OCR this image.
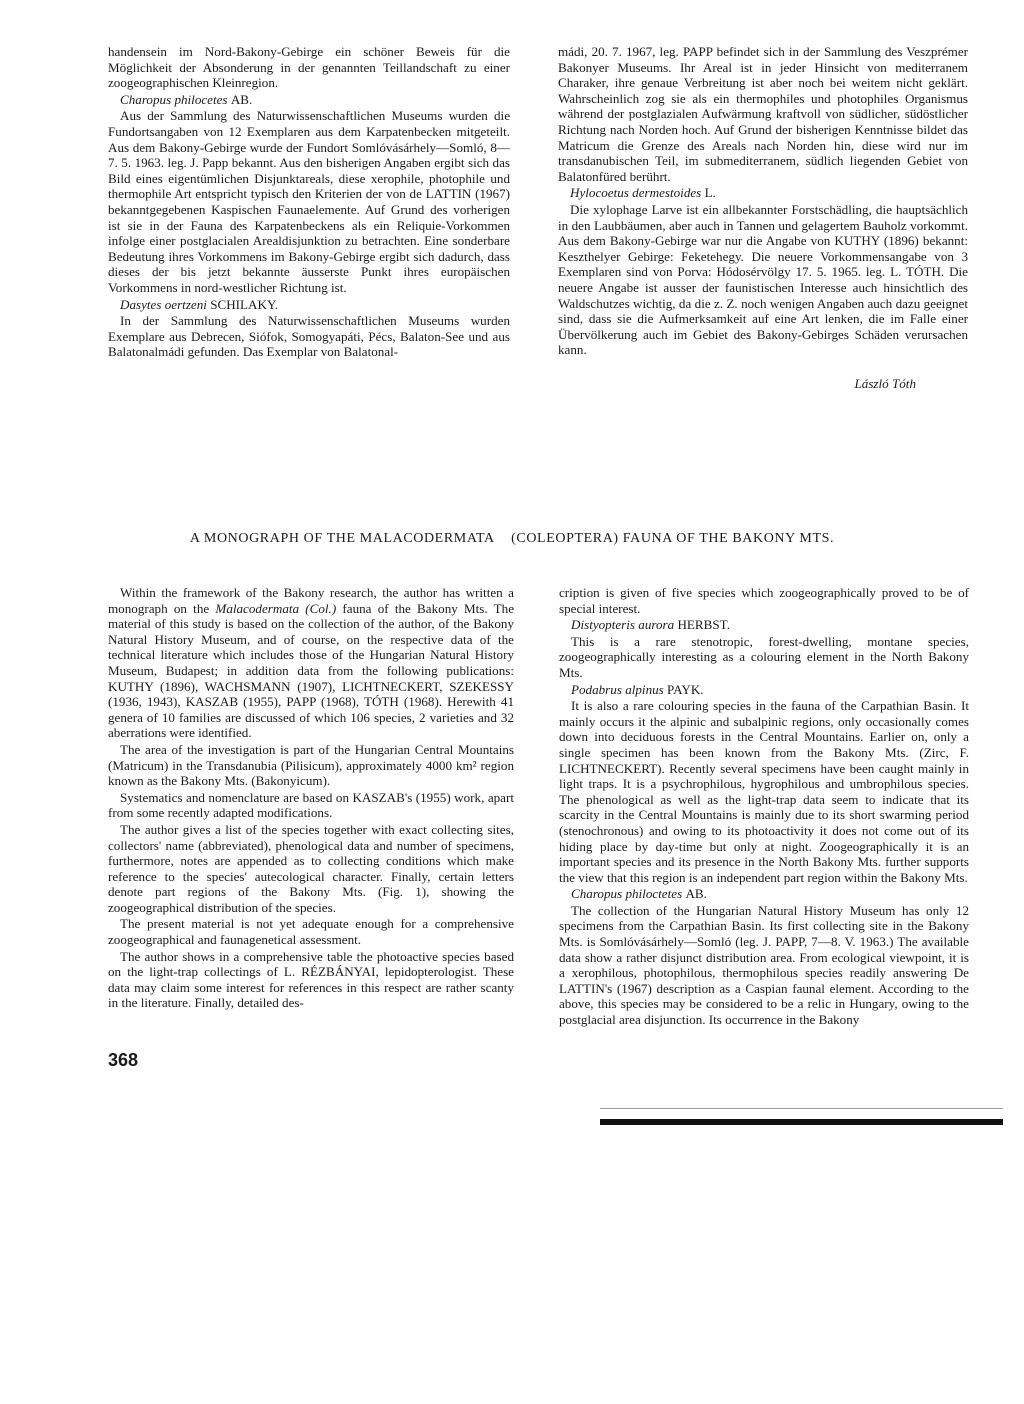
handensein im Nord-Bakony-Gebirge ein schöner Beweis für die Möglichkeit der Absonderung in der genannten Teillandschaft zu einer zoogeographischen Kleinregion.

Charopus philocetes AB.

Aus der Sammlung des Naturwissenschaftlichen Museums wurden die Fundortsangaben von 12 Exemplaren aus dem Karpatenbecken mitgeteilt. Aus dem Bakony-Gebirge wurde der Fundort Somlóvásárhely—Somló, 8—7. 5. 1963. leg. J. Papp bekannt. Aus den bisherigen Angaben ergibt sich das Bild eines eigentümlichen Disjunktareals, diese xerophile, photophile und thermophile Art entspricht typisch den Kriterien der von de LATTIN (1967) bekanntgegebenen Kaspischen Faunaelemente. Auf Grund des vorherigen ist sie in der Fauna des Karpatenbeckens als ein Reliquie-Vorkommen infolge einer postglacialen Arealdisjunktion zu betrachten. Eine sonderbare Bedeutung ihres Vorkommens im Bakony-Gebirge ergibt sich dadurch, dass dieses der bis jetzt bekannte äusserste Punkt ihres europäischen Vorkommens in nord-westlicher Richtung ist.

Dasytes oertzeni SCHILAKY.

In der Sammlung des Naturwissenschaftlichen Museums wurden Exemplare aus Debrecen, Siófok, Somogyapáti, Pécs, Balaton-See und aus Balatonalmádi gefunden. Das Exemplar von Balatonal-

mádi, 20. 7. 1967, leg. PAPP befindet sich in der Sammlung des Veszprémer Bakonyer Museums. Ihr Areal ist in jeder Hinsicht von mediterranem Charaker, ihre genaue Verbreitung ist aber noch bei weitem nicht geklärt. Wahrscheinlich zog sie als ein thermophiles und photophiles Organismus während der postglazialen Aufwärmung kraftvoll von südlicher, südöstlicher Richtung nach Norden hoch. Auf Grund der bisherigen Kenntnisse bildet das Matricum die Grenze des Areals nach Norden hin, diese wird nur im transdanubischen Teil, im submediterranem, südlich liegenden Gebiet von Balatonfüred berührt.

Hylocoetus dermestoides L.

Die xylophage Larve ist ein allbekannter Forstschädling, die hauptsächlich in den Laubbäumen, aber auch in Tannen und gelagertem Bauholz vorkommt. Aus dem Bakony-Gebirge war nur die Angabe von KUTHY (1896) bekannt: Keszthelyer Gebirge: Feketehegy. Die neuere Vorkommensangabe von 3 Exemplaren sind von Porva: Hódosérvölgy 17. 5. 1965. leg. L. TÓTH. Die neuere Angabe ist ausser der faunistischen Interesse auch hinsichtlich des Waldschutzes wichtig, da die z. Z. noch wenigen Angaben auch dazu geeignet sind, dass sie die Aufmerksamkeit auf eine Art lenken, die im Falle einer Übervölkerung auch im Gebiet des Bakony-Gebirges Schäden verursachen kann.

László Tóth
A MONOGRAPH OF THE MALACODERMATA (COLEOPTERA) FAUNA OF THE BAKONY MTS.

Within the framework of the Bakony research, the author has written a monograph on the Malacodermata (Col.) fauna of the Bakony Mts. The material of this study is based on the collection of the author, of the Bakony Natural History Museum, and of course, on the respective data of the technical literature which includes those of the Hungarian Natural History Museum, Budapest; in addition data from the following publications: KUTHY (1896), WACHSMANN (1907), LICHTNECKERT, SZEKESSY (1936, 1943), KASZAB (1955), PAPP (1968), TÓTH (1968). Herewith 41 genera of 10 families are discussed of which 106 species, 2 varieties and 32 aberrations were identified.

The area of the investigation is part of the Hungarian Central Mountains (Matricum) in the Transdanubia (Pilisicum), approximately 4000 km² region known as the Bakony Mts. (Bakonyicum).

Systematics and nomenclature are based on KASZAB's (1955) work, apart from some recently adapted modifications.

The author gives a list of the species together with exact collecting sites, collectors' name (abbreviated), phenological data and number of specimens, furthermore, notes are appended as to collecting conditions which make reference to the species' autecological character. Finally, certain letters denote part regions of the Bakony Mts. (Fig. 1), showing the zoogeographical distribution of the species.

The present material is not yet adequate enough for a comprehensive zoogeographical and faunagenetical assessment.

The author shows in a comprehensive table the photoactive species based on the light-trap collectings of L. RÉZBÁNYAI, lepidopterologist. These data may claim some interest for references in this respect are rather scanty in the literature. Finally, detailed des-

cription is given of five species which zoogeographically proved to be of special interest.

Distyopteris aurora HERBST.

This is a rare stenotropic, forest-dwelling, montane species, zoogeographically interesting as a colouring element in the North Bakony Mts.

Podabrus alpinus PAYK.

It is also a rare colouring species in the fauna of the Carpathian Basin. It mainly occurs it the alpinic and subalpinic regions, only occasionally comes down into deciduous forests in the Central Mountains. Earlier on, only a single specimen has been known from the Bakony Mts. (Zirc, F. LICHTNECKERT). Recently several specimens have been caught mainly in light traps. It is a psychrophilous, hygrophilous and umbrophilous species. The phenological as well as the light-trap data seem to indicate that its scarcity in the Central Mountains is mainly due to its short swarming period (stenochronous) and owing to its photoactivity it does not come out of its hiding place by day-time but only at night. Zoogeographically it is an important species and its presence in the North Bakony Mts. further supports the view that this region is an independent part region within the Bakony Mts.

Charopus philoctetes AB.

The collection of the Hungarian Natural History Museum has only 12 specimens from the Carpathian Basin. Its first collecting site in the Bakony Mts. is Somlóvásárhely—Somló (leg. J. PAPP, 7—8. V. 1963.) The available data show a rather disjunct distribution area. From ecological viewpoint, it is a xerophilous, photophilous, thermophilous species readily answering De LATTIN's (1967) description as a Caspian faunal element. According to the above, this species may be considered to be a relic in Hungary, owing to the postglacial area disjunction. Its occurrence in the Bakony

368
